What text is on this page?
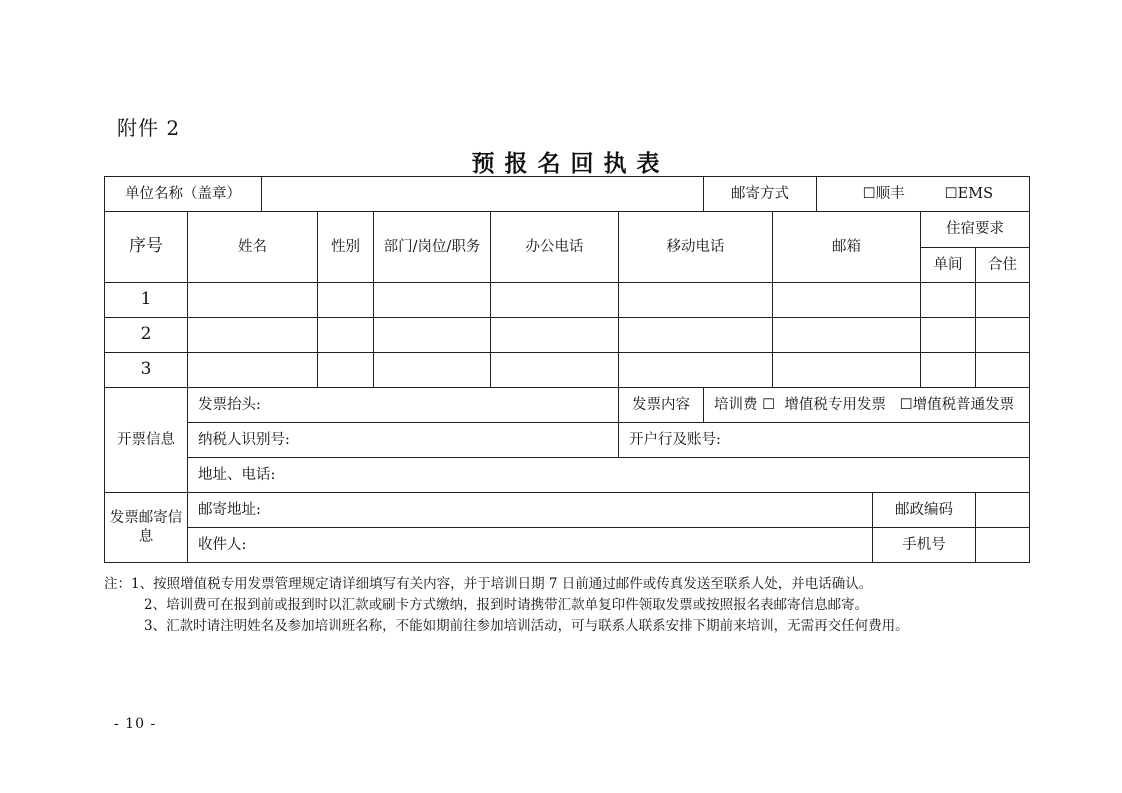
附件 2
预 报 名 回 执 表
单位名称（盖章）							邮寄方式		☐顺丰 ☐EMS			
序号	姓名		性别	部门/岗位/职务	办公电话	移动电话		邮箱			住宿要求	
											单间	合住
1												
2												
3												
开票信息	发票抬头:					发票内容	培训费 ☐  增值税专用发票   ☐增值税普通发票					
	纳税人识别号:					开户行及账号:						
	地址、电话:											
发票邮寄信息	邮寄地址:									邮政编码		
	收件人:									手机号		

注：1、按照增值税专用发票管理规定请详细填写有关内容，并于培训日期 7 日前通过邮件或传真发送至联系人处，并电话确认。

2、培训费可在报到前或报到时以汇款或刷卡方式缴纳，报到时请携带汇款单复印件领取发票或按照报名表邮寄信息邮寄。

3、汇款时请注明姓名及参加培训班名称，不能如期前往参加培训活动，可与联系人联系安排下期前来培训，无需再交任何费用。

- 10 -
